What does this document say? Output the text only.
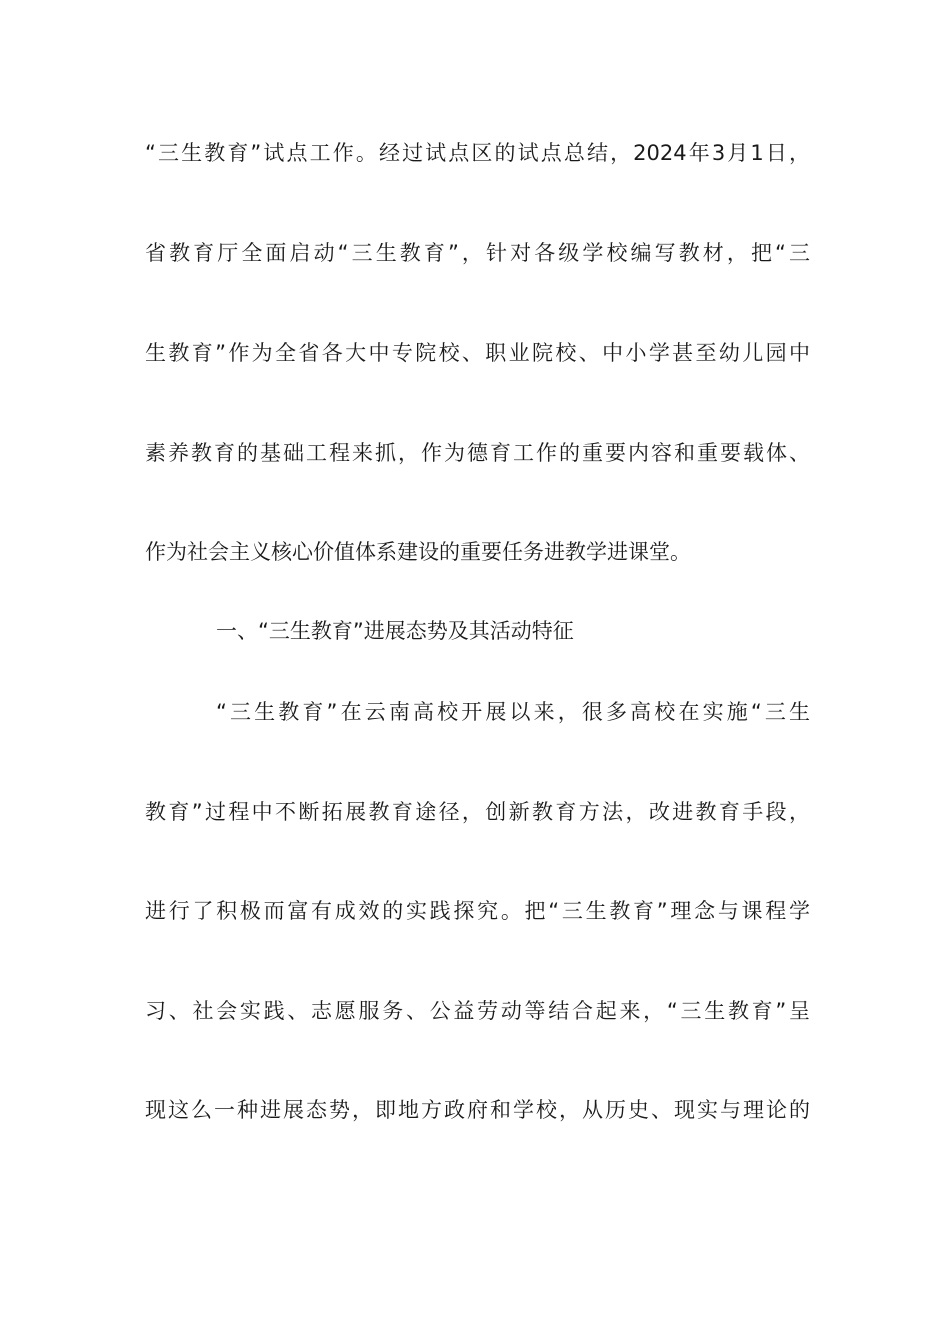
“三生教育”试点工作。经过试点区的试点总结，2024年3月1日，
省教育厅全面启动“三生教育”，针对各级学校编写教材，把“三
生教育”作为全省各大中专院校、职业院校、中小学甚至幼儿园中
素养教育的基础工程来抓，作为德育工作的重要内容和重要载体、
作为社会主义核心价值体系建设的重要任务进教学进课堂。
一、“三生教育”进展态势及其活动特征
“三生教育”在云南高校开展以来，很多高校在实施“三生
教育”过程中不断拓展教育途径，创新教育方法，改进教育手段，
进行了积极而富有成效的实践探究。把“三生教育”理念与课程学
习、社会实践、志愿服务、公益劳动等结合起来，“三生教育”呈
现这么一种进展态势，即地方政府和学校，从历史、现实与理论的
